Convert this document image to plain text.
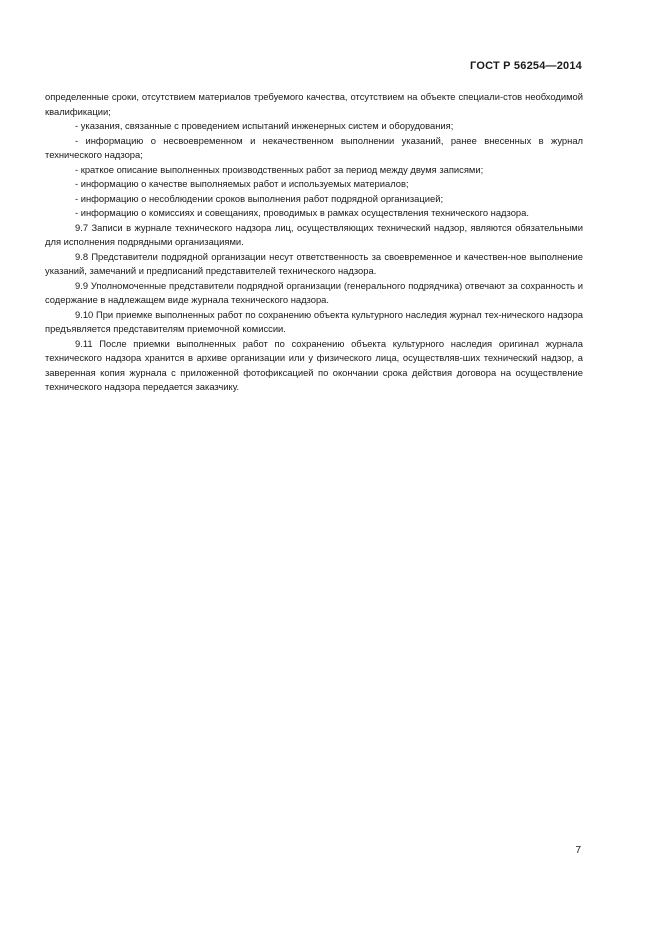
ГОСТ Р 56254—2014

определенные сроки, отсутствием материалов требуемого качества, отсутствием на объекте специали-стов необходимой квалификации;

- указания, связанные с проведением испытаний инженерных систем и оборудования;

- информацию о несвоевременном и некачественном выполнении указаний, ранее внесенных в журнал технического надзора;

- краткое описание выполненных производственных работ за период между двумя записями;

- информацию о качестве выполняемых работ и используемых материалов;

- информацию о несоблюдении сроков выполнения работ подрядной организацией;

- информацию о комиссиях и совещаниях, проводимых в рамках осуществления технического надзора.

9.7 Записи в журнале технического надзора лиц, осуществляющих технический надзор, являются обязательными для исполнения подрядными организациями.

9.8 Представители подрядной организации несут ответственность за своевременное и качествен-ное выполнение указаний, замечаний и предписаний представителей технического надзора.

9.9 Уполномоченные представители подрядной организации (генерального подрядчика) отвечают за сохранность и содержание в надлежащем виде журнала технического надзора.

9.10 При приемке выполненных работ по сохранению объекта культурного наследия журнал тех-нического надзора предъявляется представителям приемочной комиссии.

9.11 После приемки выполненных работ по сохранению объекта культурного наследия оригинал журнала технического надзора хранится в архиве организации или у физического лица, осуществляв-ших технический надзор, а заверенная копия журнала с приложенной фотофиксацией по окончании срока действия договора на осуществление технического надзора передается заказчику.

7
